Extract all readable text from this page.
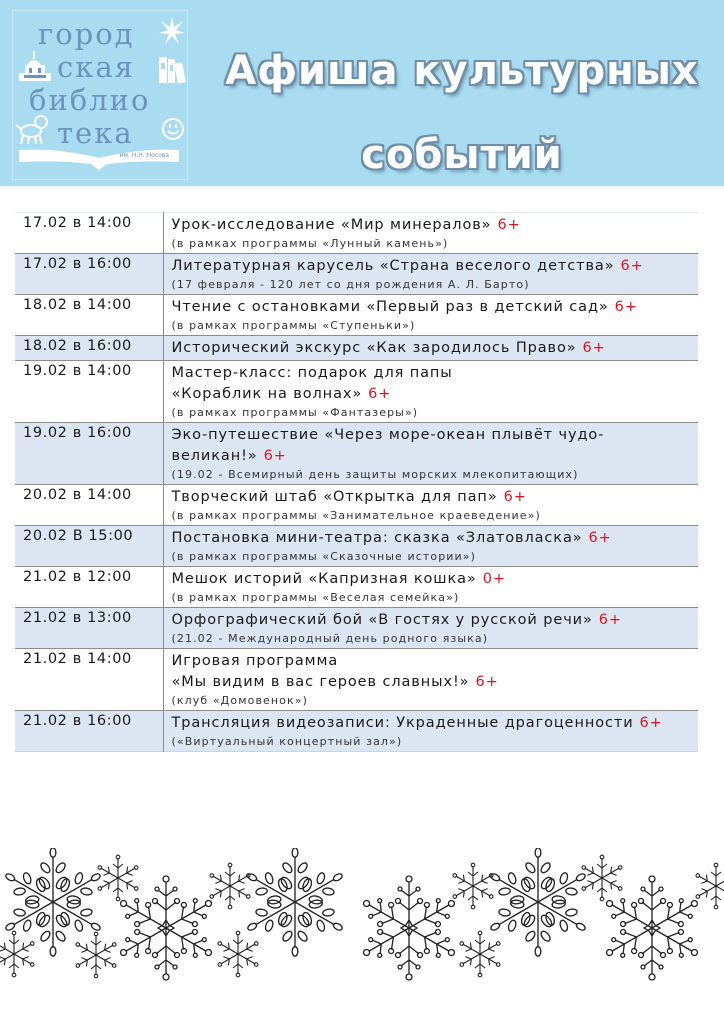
город
ская
библио
тека
им. Н.Н. Носова
Афиша культурных
событий
17.02 в 14:00	Урок-исследование «Мир минералов» 6+
(в рамках программы «Лунный камень»)

17.02 в 16:00	Литературная карусель «Страна веселого детства» 6+
(17 февраля - 120 лет со дня рождения А. Л. Барто)

18.02 в 14:00	Чтение с остановками «Первый раз в детский сад» 6+
(в рамках программы «Ступеньки»)

18.02 в 16:00	Исторический экскурс «Как зародилось Право» 6+

19.02 в 14:00	Мастер-класс: подарок для папы
«Кораблик на волнах» 6+
(в рамках программы «Фантазеры»)

19.02 в 16:00	Эко-путешествие «Через море-океан плывёт чудо-
великан!» 6+
(19.02 - Всемирный день защиты морских млекопитающих)

20.02 в 14:00	Творческий штаб «Открытка для пап» 6+
(в рамках программы «Занимательное краеведение»)

20.02 В 15:00	Постановка мини-театра: сказка «Златовласка» 6+
(в рамках программы «Сказочные истории»)

21.02 в 12:00	Мешок историй «Капризная кошка» 0+
(в рамках программы «Веселая семейка»)

21.02 в 13:00	Орфографический бой «В гостях у русской речи» 6+
(21.02 - Международный день родного языка)

21.02 в 14:00	Игровая программа
«Мы видим в вас героев славных!» 6+
(клуб «Домовенок»)

21.02 в 16:00	Трансляция видеозаписи: Украденные драгоценности 6+
(«Виртуальный концертный зал»)
